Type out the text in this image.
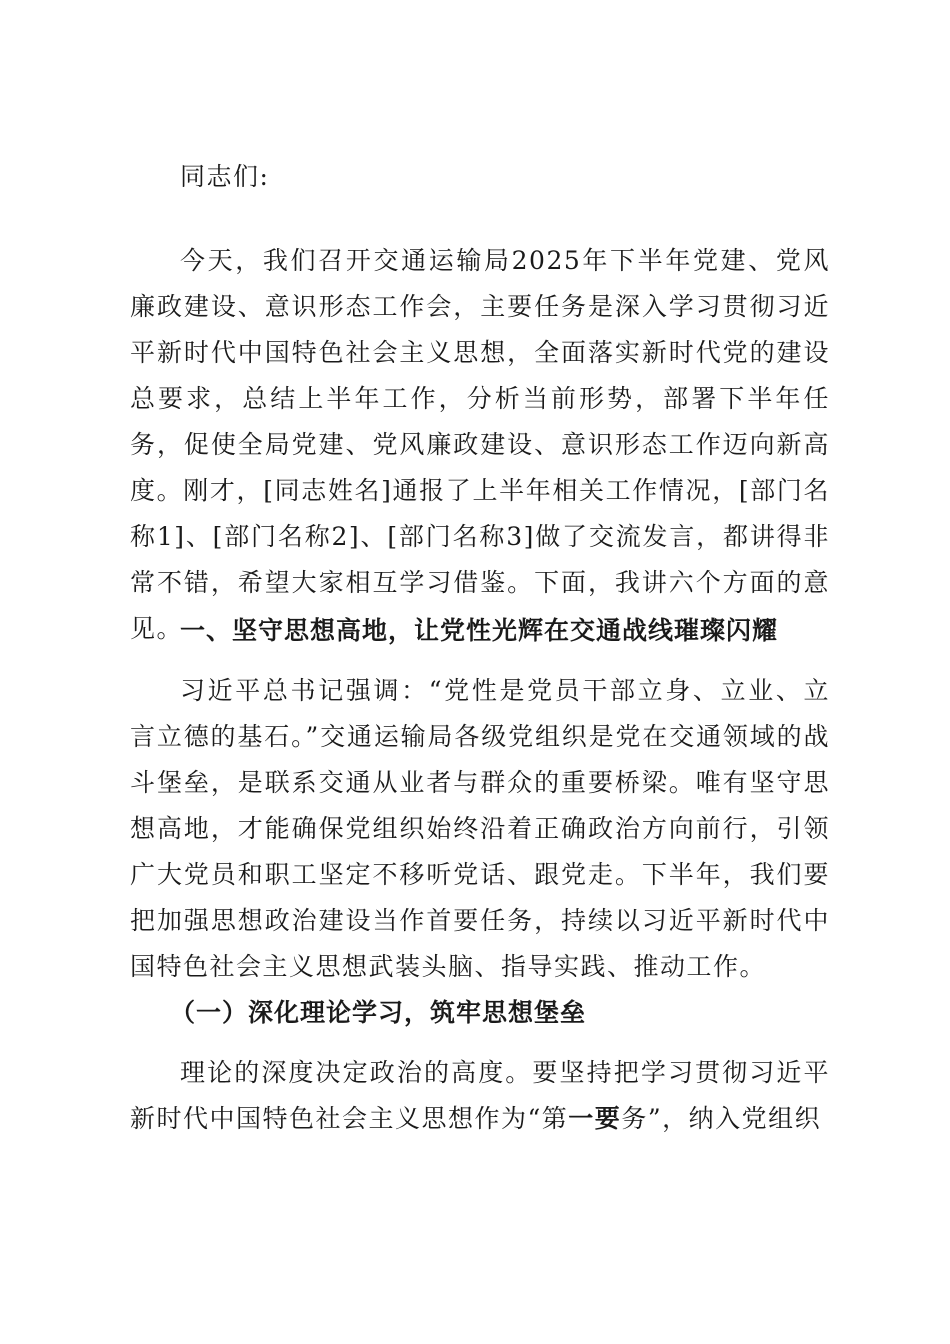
同志们:

今天，我们召开交通运输局2025年下半年党建、党风廉政建设、意识形态工作会，主要任务是深入学习贯彻习近平新时代中国特色社会主义思想，全面落实新时代党的建设总要求，总结上半年工作，分析当前形势，部署下半年任务，促使全局党建、党风廉政建设、意识形态工作迈向新高度。刚才，[同志姓名]通报了上半年相关工作情况，[部门名称1]、[部门名称2]、[部门名称3]做了交流发言，都讲得非常不错，希望大家相互学习借鉴。下面，我讲六个方面的意见。

一、坚守思想高地，让党性光辉在交通战线璀璨闪耀

习近平总书记强调：“党性是党员干部立身、立业、立言立德的基石。”交通运输局各级党组织是党在交通领域的战斗堡垒，是联系交通从业者与群众的重要桥梁。唯有坚守思想高地，才能确保党组织始终沿着正确政治方向前行，引领广大党员和职工坚定不移听党话、跟党走。下半年，我们要把加强思想政治建设当作首要任务，持续以习近平新时代中国特色社会主义思想武装头脑、指导实践、推动工作。

（一）深化理论学习，筑牢思想堡垒

理论的深度决定政治的高度。要坚持把学习贯彻习近平新时代中国特色社会主义思想作为“第一要务”，纳入党组织
